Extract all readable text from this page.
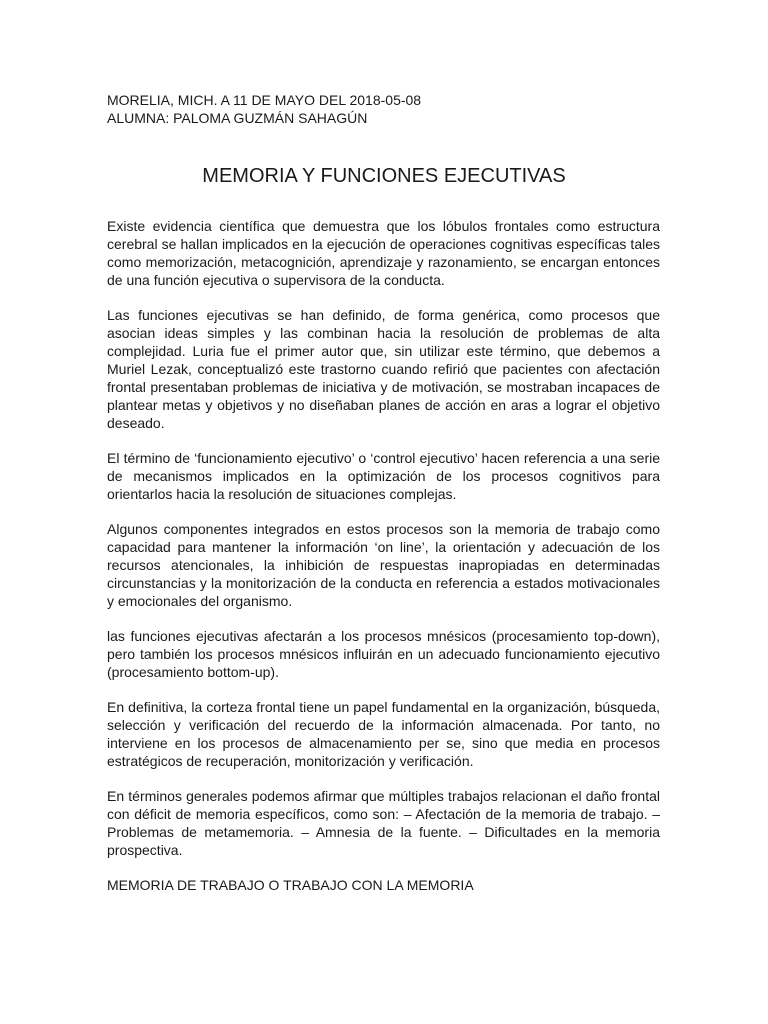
MORELIA, MICH. A 11 DE MAYO DEL 2018-05-08
ALUMNA: PALOMA GUZMÁN SAHAGÚN
MEMORIA Y FUNCIONES EJECUTIVAS

Existe evidencia científica que demuestra que los lóbulos frontales como estructura cerebral se hallan implicados en la ejecución de operaciones cognitivas específicas tales como memorización, metacognición, aprendizaje y razonamiento, se encargan entonces de una función ejecutiva o supervisora de la conducta.

Las funciones ejecutivas se han definido, de forma genérica, como procesos que asocian ideas simples y las combinan hacia la resolución de problemas de alta complejidad. Luria fue el primer autor que, sin utilizar este término, que debemos a Muriel Lezak, conceptualizó este trastorno cuando refirió que pacientes con afectación frontal presentaban problemas de iniciativa y de motivación, se mostraban incapaces de plantear metas y objetivos y no diseñaban planes de acción en aras a lograr el objetivo deseado.

El término de ‘funcionamiento ejecutivo’ o ‘control ejecutivo’ hacen referencia a una serie de mecanismos implicados en la optimización de los procesos cognitivos para orientarlos hacia la resolución de situaciones complejas.

Algunos componentes integrados en estos procesos son la memoria de trabajo como capacidad para mantener la información ‘on line’, la orientación y adecuación de los recursos atencionales, la inhibición de respuestas inapropiadas en determinadas circunstancias y la monitorización de la conducta en referencia a estados motivacionales y emocionales del organismo.

las funciones ejecutivas afectarán a los procesos mnésicos (procesamiento top-down), pero también los procesos mnésicos influirán en un adecuado funcionamiento ejecutivo (procesamiento bottom-up).

En definitiva, la corteza frontal tiene un papel fundamental en la organización, búsqueda, selección y verificación del recuerdo de la información almacenada. Por tanto, no interviene en los procesos de almacenamiento per se, sino que media en procesos estratégicos de recuperación, monitorización y verificación.

En términos generales podemos afirmar que múltiples trabajos relacionan el daño frontal con déficit de memoria específicos, como son: – Afectación de la memoria de trabajo. – Problemas de metamemoria. – Amnesia de la fuente. – Dificultades en la memoria prospectiva.

MEMORIA DE TRABAJO O TRABAJO CON LA MEMORIA
